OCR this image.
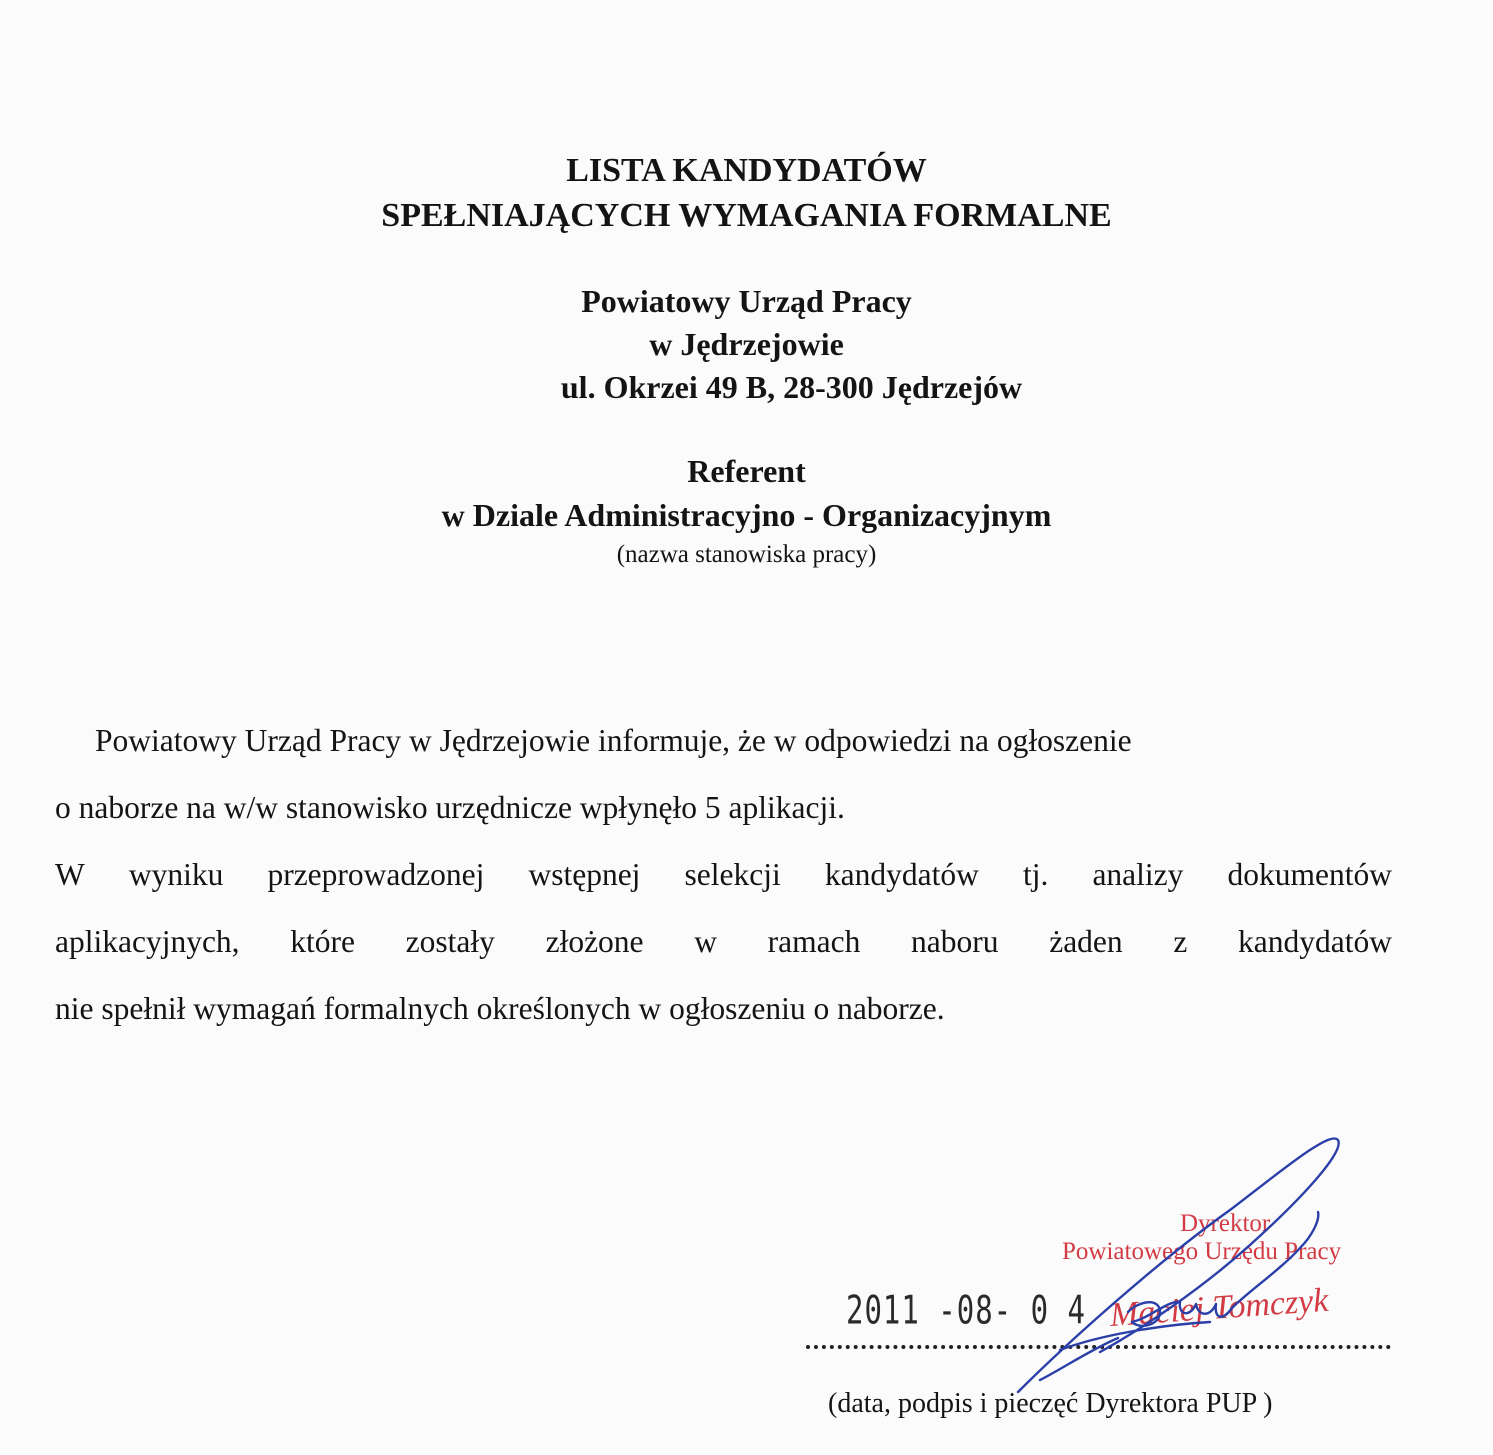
LISTA KANDYDATÓW
SPEŁNIAJĄCYCH WYMAGANIA FORMALNE
Powiatowy Urząd Pracy
w Jędrzejowie
ul. Okrzei 49 B, 28-300 Jędrzejów
Referent
w Dziale Administracyjno - Organizacyjnym
(nazwa stanowiska pracy)
Powiatowy Urząd Pracy w Jędrzejowie informuje, że w odpowiedzi na ogłoszenie
o naborze na w/w stanowisko urzędnicze wpłynęło 5 aplikacji.
W wyniku przeprowadzonej wstępnej selekcji kandydatów tj. analizy dokumentów
aplikacyjnych, które zostały złożone w ramach naboru żaden z kandydatów
nie spełnił wymagań formalnych określonych w ogłoszeniu o naborze.
Dyrektor
Powiatowego Urzędu Pracy
Maciej Tomczyk
2011 -08- 0 4
(data, podpis i pieczęć Dyrektora PUP )
